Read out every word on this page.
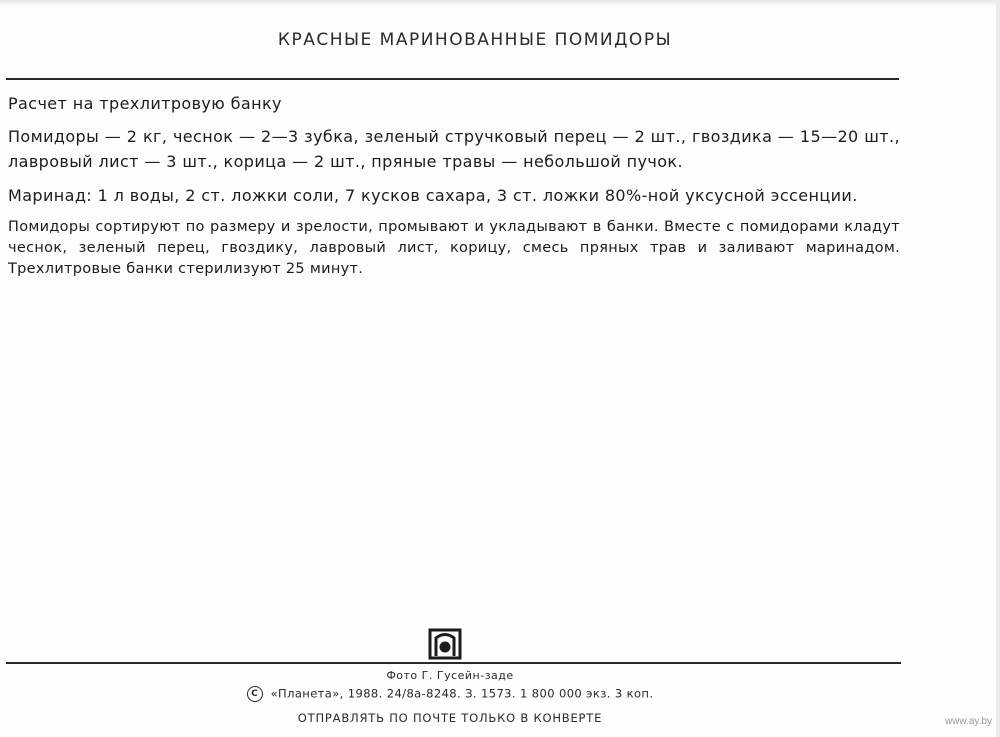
КРАСНЫЕ МАРИНОВАННЫЕ ПОМИДОРЫ

Расчет на трехлитровую банку

Помидоры — 2 кг, чеснок — 2—3 зубка, зеленый стручковый перец — 2 шт., гвоздика — 15—20 шт., лавровый лист — 3 шт., корица — 2 шт., пряные травы — небольшой пучок.

Маринад: 1 л воды, 2 ст. ложки соли, 7 кусков сахара, 3 ст. ложки 80%-ной уксусной эссенции.

Помидоры сортируют по размеру и зрелости, промывают и укладывают в банки. Вместе с помидорами кладут чеснок, зеленый перец, гвоздику, лавровый лист, корицу, смесь пряных трав и заливают маринадом. Трехлитровые банки стерилизуют 25 минут.

Фото Г. Гусейн-заде
C «Планета», 1988. 24/8а-8248. З. 1573. 1 800 000 экз. 3 коп.
ОТПРАВЛЯТЬ ПО ПОЧТЕ ТОЛЬКО В КОНВЕРТЕ	www.ay.by
